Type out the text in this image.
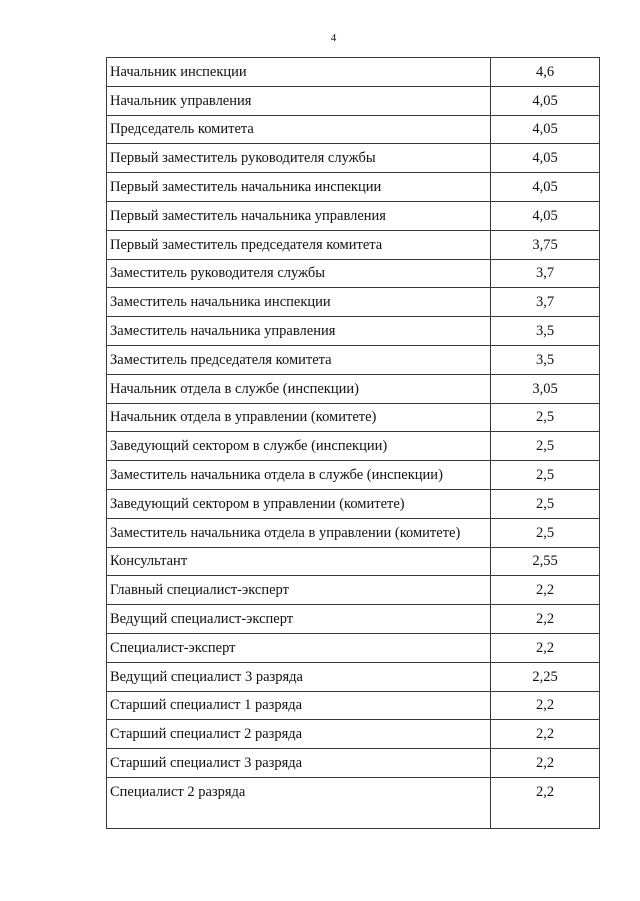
4
Начальник инспекции	4,6
Начальник управления	4,05
Председатель комитета	4,05
Первый заместитель руководителя службы	4,05
Первый заместитель начальника инспекции	4,05
Первый заместитель начальника управления	4,05
Первый заместитель председателя комитета	3,75
Заместитель руководителя службы	3,7
Заместитель начальника инспекции	3,7
Заместитель начальника управления	3,5
Заместитель председателя комитета	3,5
Начальник отдела в службе (инспекции)	3,05
Начальник отдела в управлении (комитете)	2,5
Заведующий сектором в службе (инспекции)	2,5
Заместитель начальника отдела в службе (инспекции)	2,5
Заведующий сектором в управлении (комитете)	2,5
Заместитель начальника отдела в управлении (комитете)	2,5
Консультант	2,55
Главный специалист-эксперт	2,2
Ведущий специалист-эксперт	2,2
Специалист-эксперт	2,2
Ведущий специалист 3 разряда	2,25
Старший специалист 1 разряда	2,2
Старший специалист 2 разряда	2,2
Старший специалист 3 разряда	2,2
Специалист 2 разряда	2,2
